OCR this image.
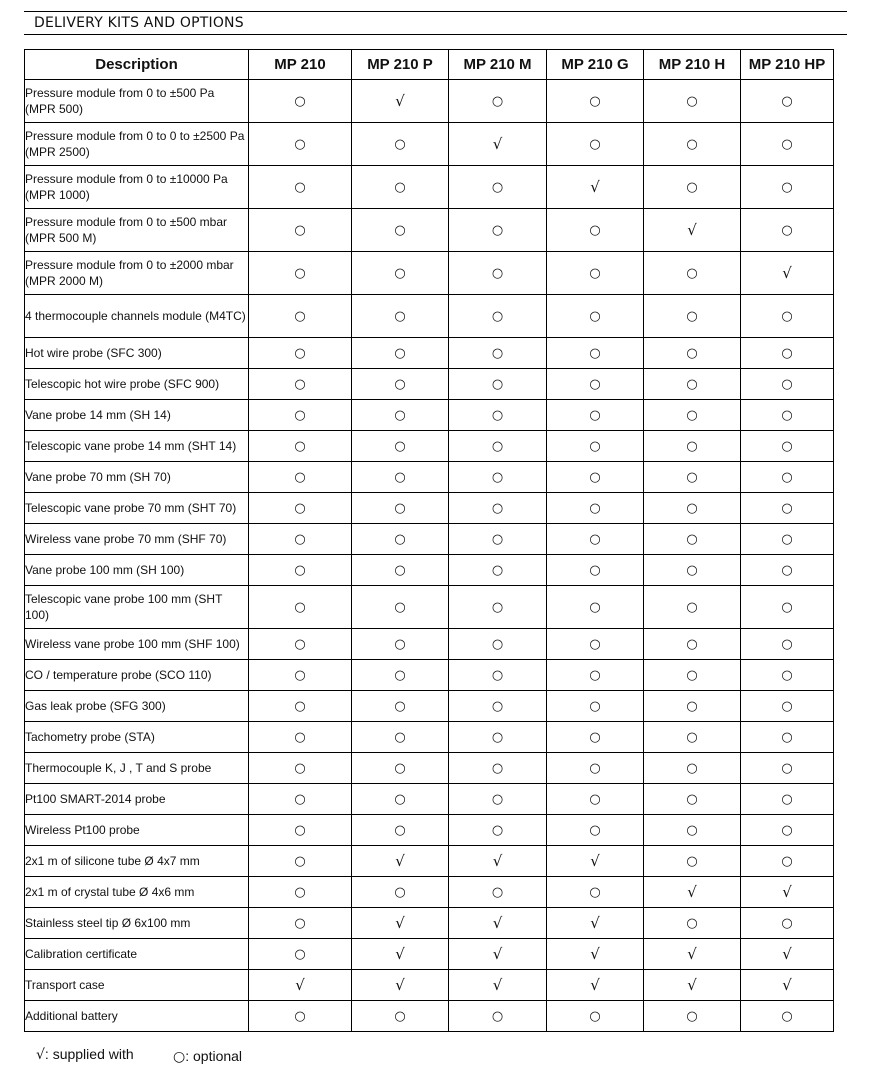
DELIVERY KITS AND OPTIONS
Description	MP 210	MP 210 P	MP 210 M	MP 210 G	MP 210 H	MP 210 HP
Pressure module from 0 to ±500 Pa (MPR 500)	○	√	○	○	○	○
Pressure module from 0 to 0 to ±2500 Pa (MPR 2500)	○	○	√	○	○	○
Pressure module from 0 to ±10000 Pa (MPR 1000)	○	○	○	√	○	○
Pressure module from 0 to ±500 mbar (MPR 500 M)	○	○	○	○	√	○
Pressure module from 0 to ±2000 mbar (MPR 2000 M)	○	○	○	○	○	√
4 thermocouple channels module (M4TC)	○	○	○	○	○	○
Hot wire probe (SFC 300)	○	○	○	○	○	○
Telescopic hot wire probe (SFC 900)	○	○	○	○	○	○
Vane probe 14 mm (SH 14)	○	○	○	○	○	○
Telescopic vane probe 14 mm (SHT 14)	○	○	○	○	○	○
Vane probe 70 mm (SH 70)	○	○	○	○	○	○
Telescopic vane probe 70 mm (SHT 70)	○	○	○	○	○	○
Wireless vane probe 70 mm (SHF 70)	○	○	○	○	○	○
Vane probe 100 mm (SH 100)	○	○	○	○	○	○
Telescopic vane probe 100 mm (SHT 100)	○	○	○	○	○	○
Wireless vane probe 100 mm (SHF 100)	○	○	○	○	○	○
CO / temperature probe (SCO 110)	○	○	○	○	○	○
Gas leak probe (SFG 300)	○	○	○	○	○	○
Tachometry probe (STA)	○	○	○	○	○	○
Thermocouple K, J , T and S probe	○	○	○	○	○	○
Pt100 SMART-2014 probe	○	○	○	○	○	○
Wireless Pt100 probe	○	○	○	○	○	○
2x1 m of silicone tube Ø 4x7 mm	○	√	√	√	○	○
2x1 m of crystal tube Ø 4x6 mm	○	○	○	○	√	√
Stainless steel tip Ø 6x100 mm	○	√	√	√	○	○
Calibration certificate	○	√	√	√	√	√
Transport case	√	√	√	√	√	√
Additional battery	○	○	○	○	○	○
√: supplied with	○: optional
